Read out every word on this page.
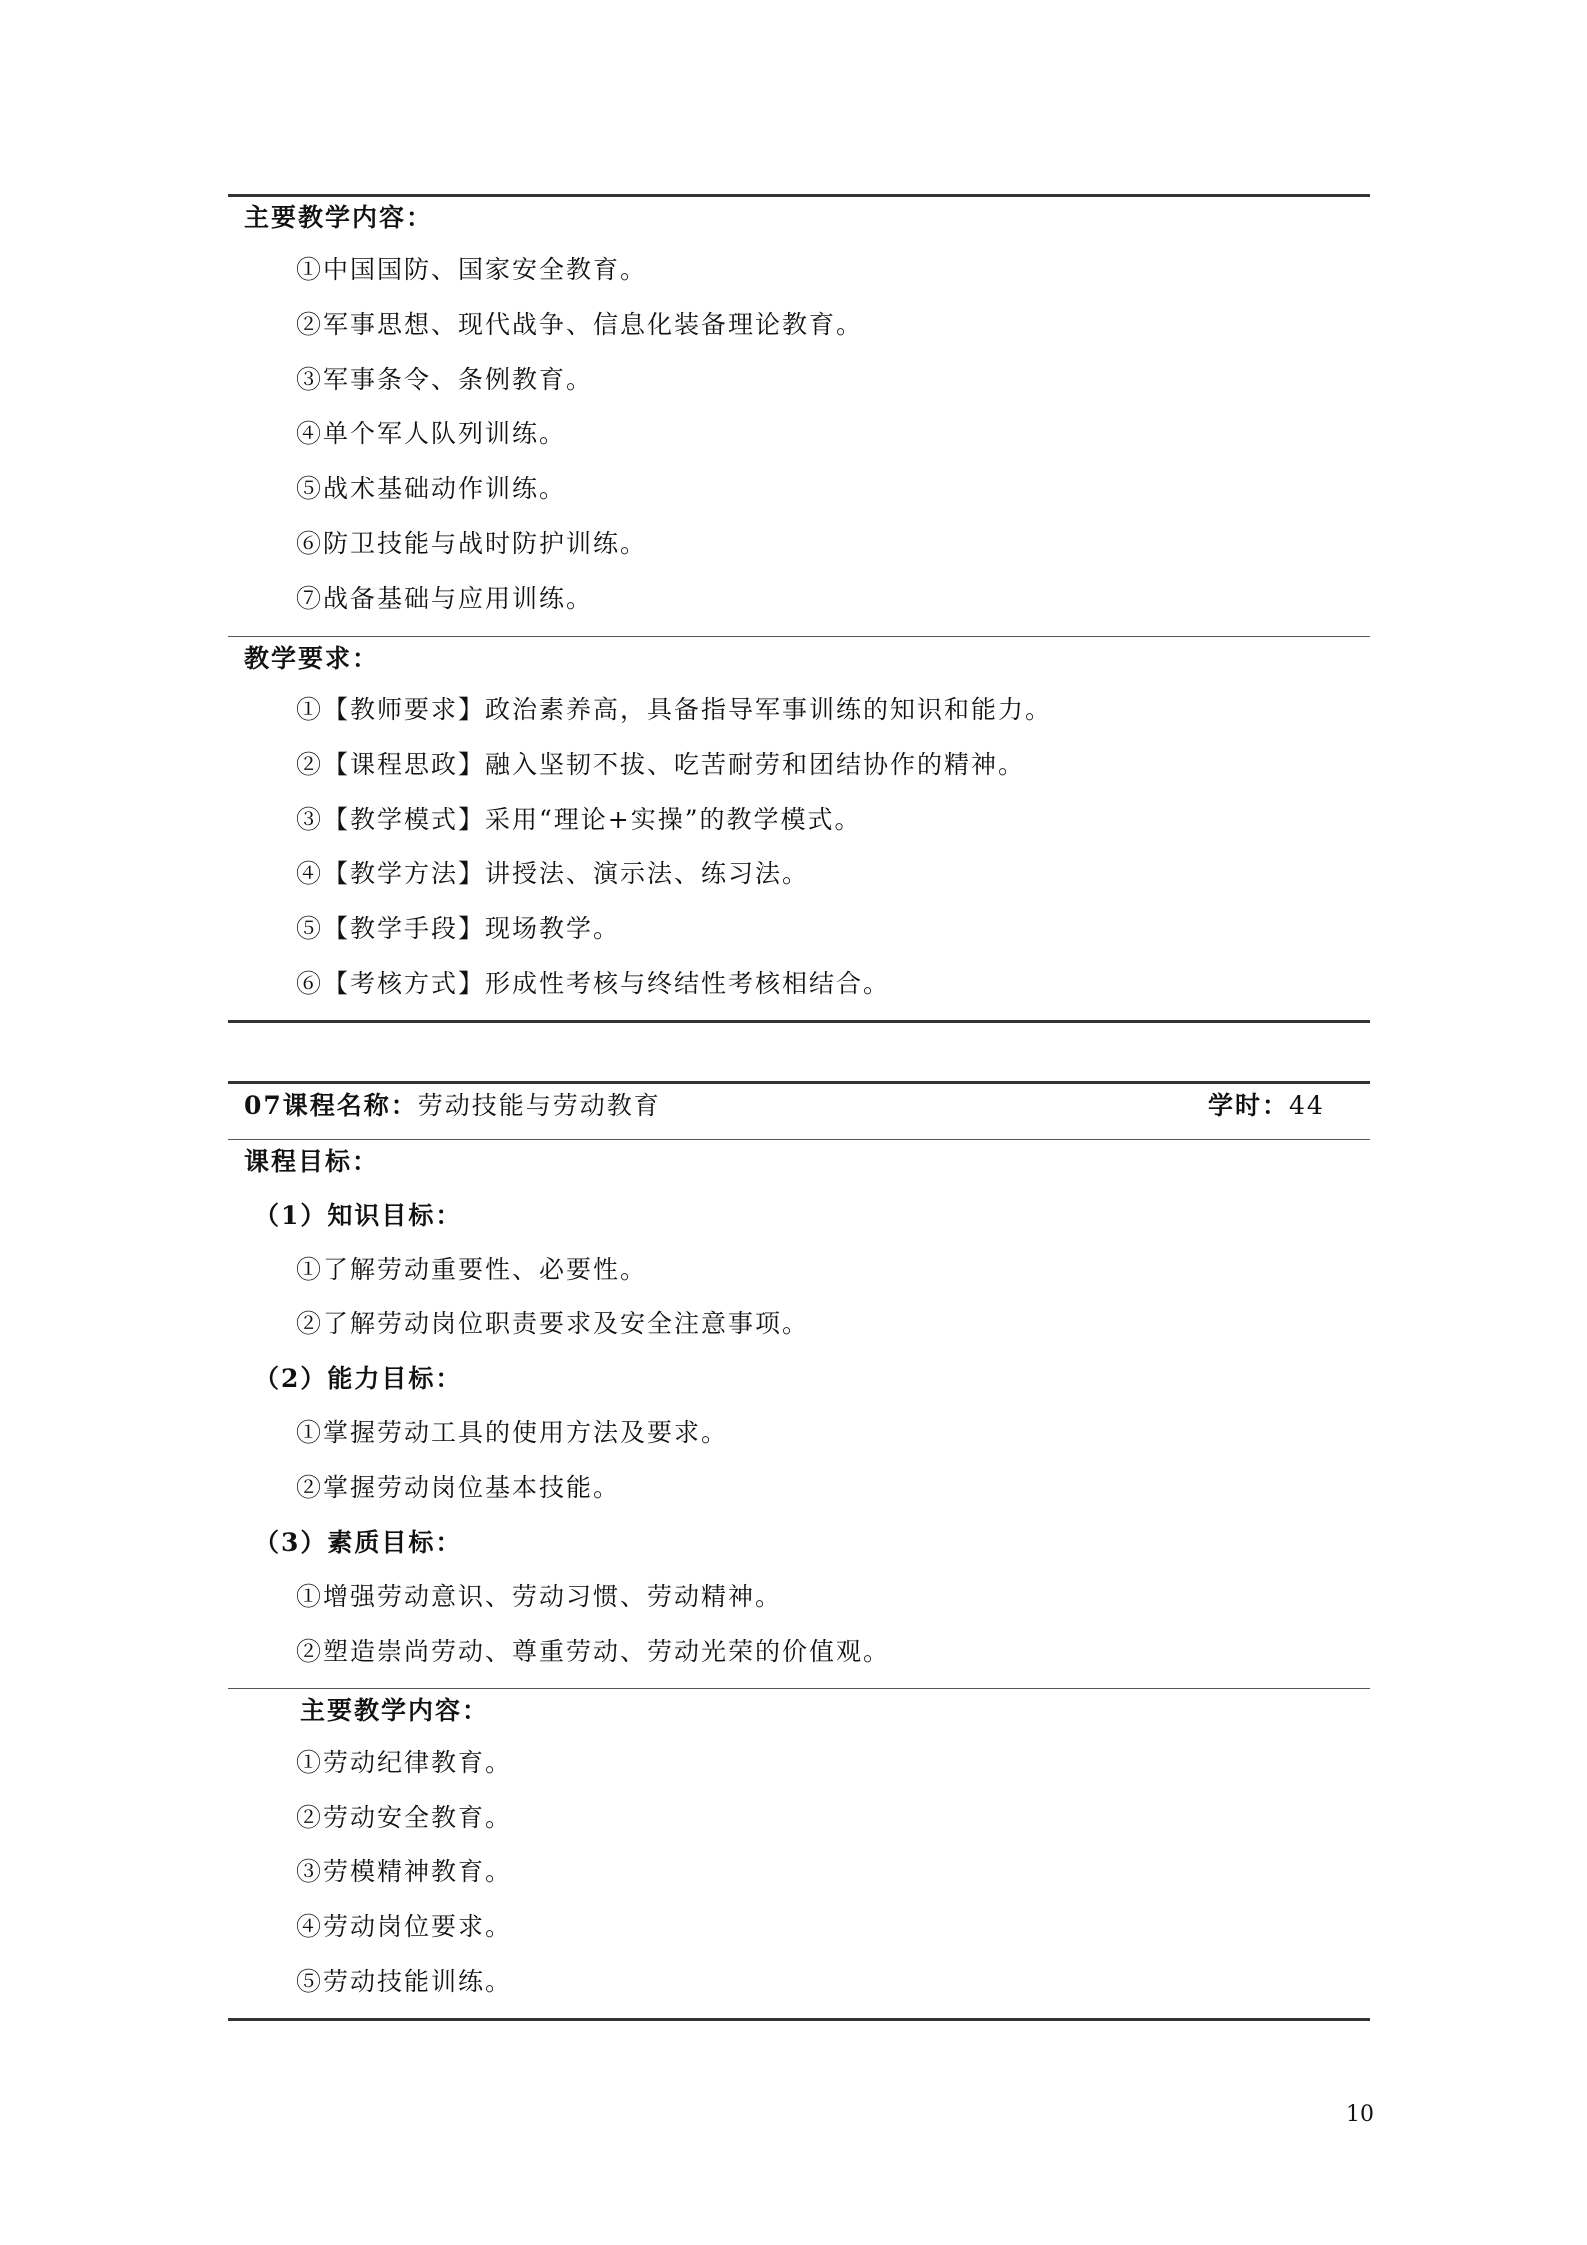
主要教学内容：
①中国国防、国家安全教育。
②军事思想、现代战争、信息化装备理论教育。
③军事条令、条例教育。
④单个军人队列训练。
⑤战术基础动作训练。
⑥防卫技能与战时防护训练。
⑦战备基础与应用训练。
教学要求：
①【教师要求】政治素养高，具备指导军事训练的知识和能力。
②【课程思政】融入坚韧不拔、吃苦耐劳和团结协作的精神。
③【教学模式】采用“理论+实操”的教学模式。
④【教学方法】讲授法、演示法、练习法。
⑤【教学手段】现场教学。
⑥【考核方式】形成性考核与终结性考核相结合。
07课程名称：劳动技能与劳动教育	学时：44
课程目标：
（1）知识目标：
①了解劳动重要性、必要性。
②了解劳动岗位职责要求及安全注意事项。
（2）能力目标：
①掌握劳动工具的使用方法及要求。
②掌握劳动岗位基本技能。
（3）素质目标：
①增强劳动意识、劳动习惯、劳动精神。
②塑造崇尚劳动、尊重劳动、劳动光荣的价值观。
主要教学内容：
①劳动纪律教育。
②劳动安全教育。
③劳模精神教育。
④劳动岗位要求。
⑤劳动技能训练。
10
